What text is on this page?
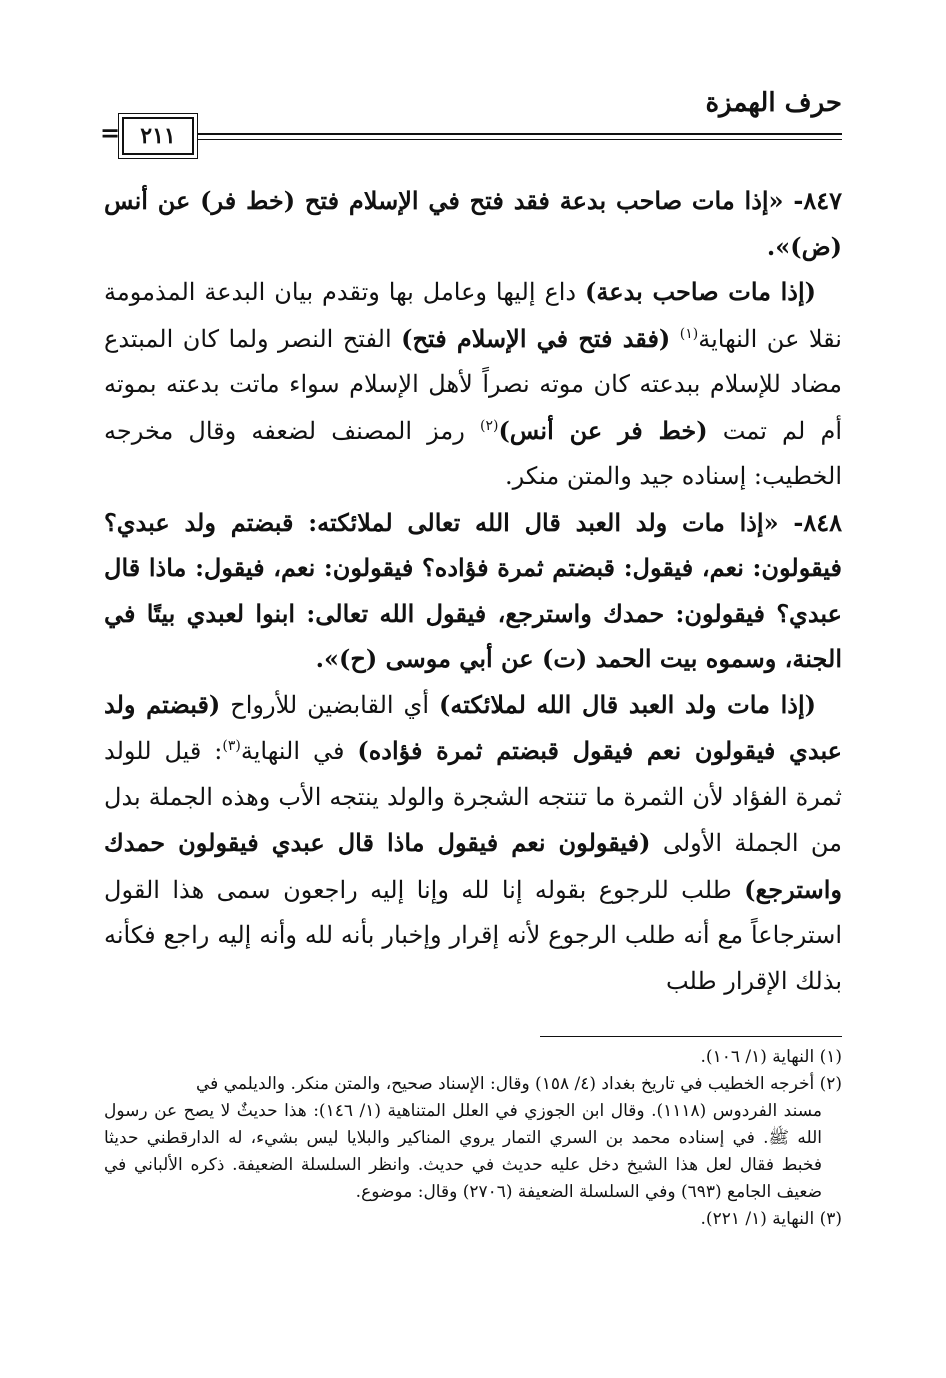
حرف الهمزة
٢١١
=

٨٤٧- «إذا مات صاحب بدعة فقد فتح في الإسلام فتح (خط فر) عن أنس (ض)».

(إذا مات صاحب بدعة) داع إليها وعامل بها وتقدم بيان البدعة المذمومة نقلا عن النهاية$^{(١)}$ (فقد فتح في الإسلام فتح) الفتح النصر ولما كان المبتدع مضاد للإسلام ببدعته كان موته نصراً لأهل الإسلام سواء ماتت بدعته بموته أم لم تمت (خط فر عن أنس)$^{(٢)}$ رمز المصنف لضعفه وقال مخرجه الخطيب: إسناده جيد والمتن منكر.

٨٤٨- «إذا مات ولد العبد قال الله تعالى لملائكته: قبضتم ولد عبدي؟ فيقولون: نعم، فيقول: قبضتم ثمرة فؤاده؟ فيقولون: نعم، فيقول: ماذا قال عبدي؟ فيقولون: حمدك واسترجع، فيقول الله تعالى: ابنوا لعبدي بيتًا في الجنة، وسموه بيت الحمد (ت) عن أبي موسى (ح)».

(إذا مات ولد العبد قال الله لملائكته) أي القابضين للأرواح (قبضتم ولد عبدي فيقولون نعم فيقول قبضتم ثمرة فؤاده) في النهاية$^{(٣)}$: قيل للولد ثمرة الفؤاد لأن الثمرة ما تنتجه الشجرة والولد ينتجه الأب وهذه الجملة بدل من الجملة الأولى (فيقولون نعم فيقول ماذا قال عبدي فيقولون حمدك واسترجع) طلب للرجوع بقوله إنا لله وإنا إليه راجعون سمى هذا القول استرجاعاً مع أنه طلب الرجوع لأنه إقرار وإخبار بأنه لله وأنه إليه راجع فكأنه بذلك الإقرار طلب

(١) النهاية (١/ ١٠٦).

(٢) أخرجه الخطيب في تاريخ بغداد (٤/ ١٥٨) وقال: الإسناد صحيح، والمتن منكر. والديلمي في

مسند الفردوس (١١١٨). وقال ابن الجوزي في العلل المتناهية (١/ ١٤٦): هذا حديثٌ لا يصح عن رسول الله ﷺ. في إسناده محمد بن السري التمار يروي المناكير والبلايا ليس بشيء، له الدارقطني حديثا فخبط فقال لعل هذا الشيخ دخل عليه حديث في حديث. وانظر السلسلة الضعيفة. ذكره الألباني في ضعيف الجامع (٦٩٣) وفي السلسلة الضعيفة (٢٧٠٦) وقال: موضوع.

(٣) النهاية (١/ ٢٢١).
